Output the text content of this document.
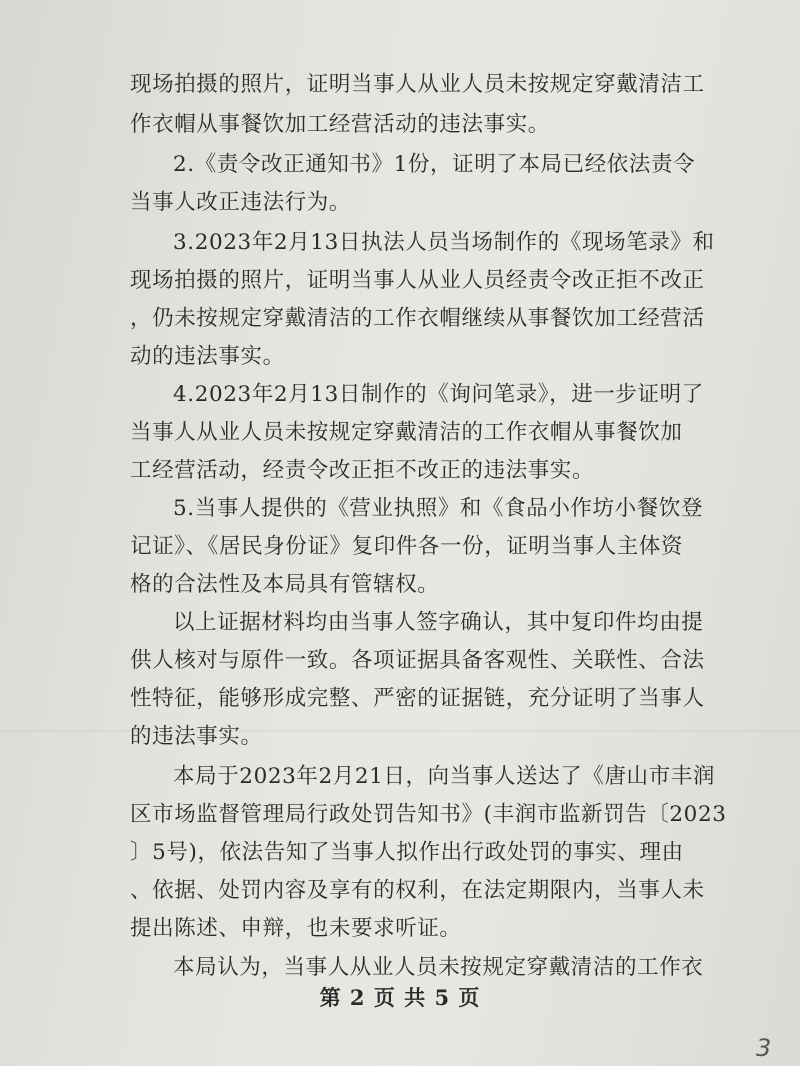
现场拍摄的照片，证明当事人从业人员未按规定穿戴清洁工
作衣帽从事餐饮加工经营活动的违法事实。
2.《责令改正通知书》1份，证明了本局已经依法责令
当事人改正违法行为。
3.2023年2月13日执法人员当场制作的《现场笔录》和
现场拍摄的照片，证明当事人从业人员经责令改正拒不改正
，仍未按规定穿戴清洁的工作衣帽继续从事餐饮加工经营活
动的违法事实。
4.2023年2月13日制作的《询问笔录》，进一步证明了
当事人从业人员未按规定穿戴清洁的工作衣帽从事餐饮加
工经营活动，经责令改正拒不改正的违法事实。
5.当事人提供的《营业执照》和《食品小作坊小餐饮登
记证》、《居民身份证》复印件各一份，证明当事人主体资
格的合法性及本局具有管辖权。
以上证据材料均由当事人签字确认，其中复印件均由提
供人核对与原件一致。各项证据具备客观性、关联性、合法
性特征，能够形成完整、严密的证据链，充分证明了当事人
的违法事实。
本局于2023年2月21日，向当事人送达了《唐山市丰润
区市场监督管理局行政处罚告知书》(丰润市监新罚告〔2023
〕5号)，依法告知了当事人拟作出行政处罚的事实、理由
、依据、处罚内容及享有的权利，在法定期限内，当事人未
提出陈述、申辩，也未要求听证。
本局认为，当事人从业人员未按规定穿戴清洁的工作衣
第 2 页 共 5 页
3
